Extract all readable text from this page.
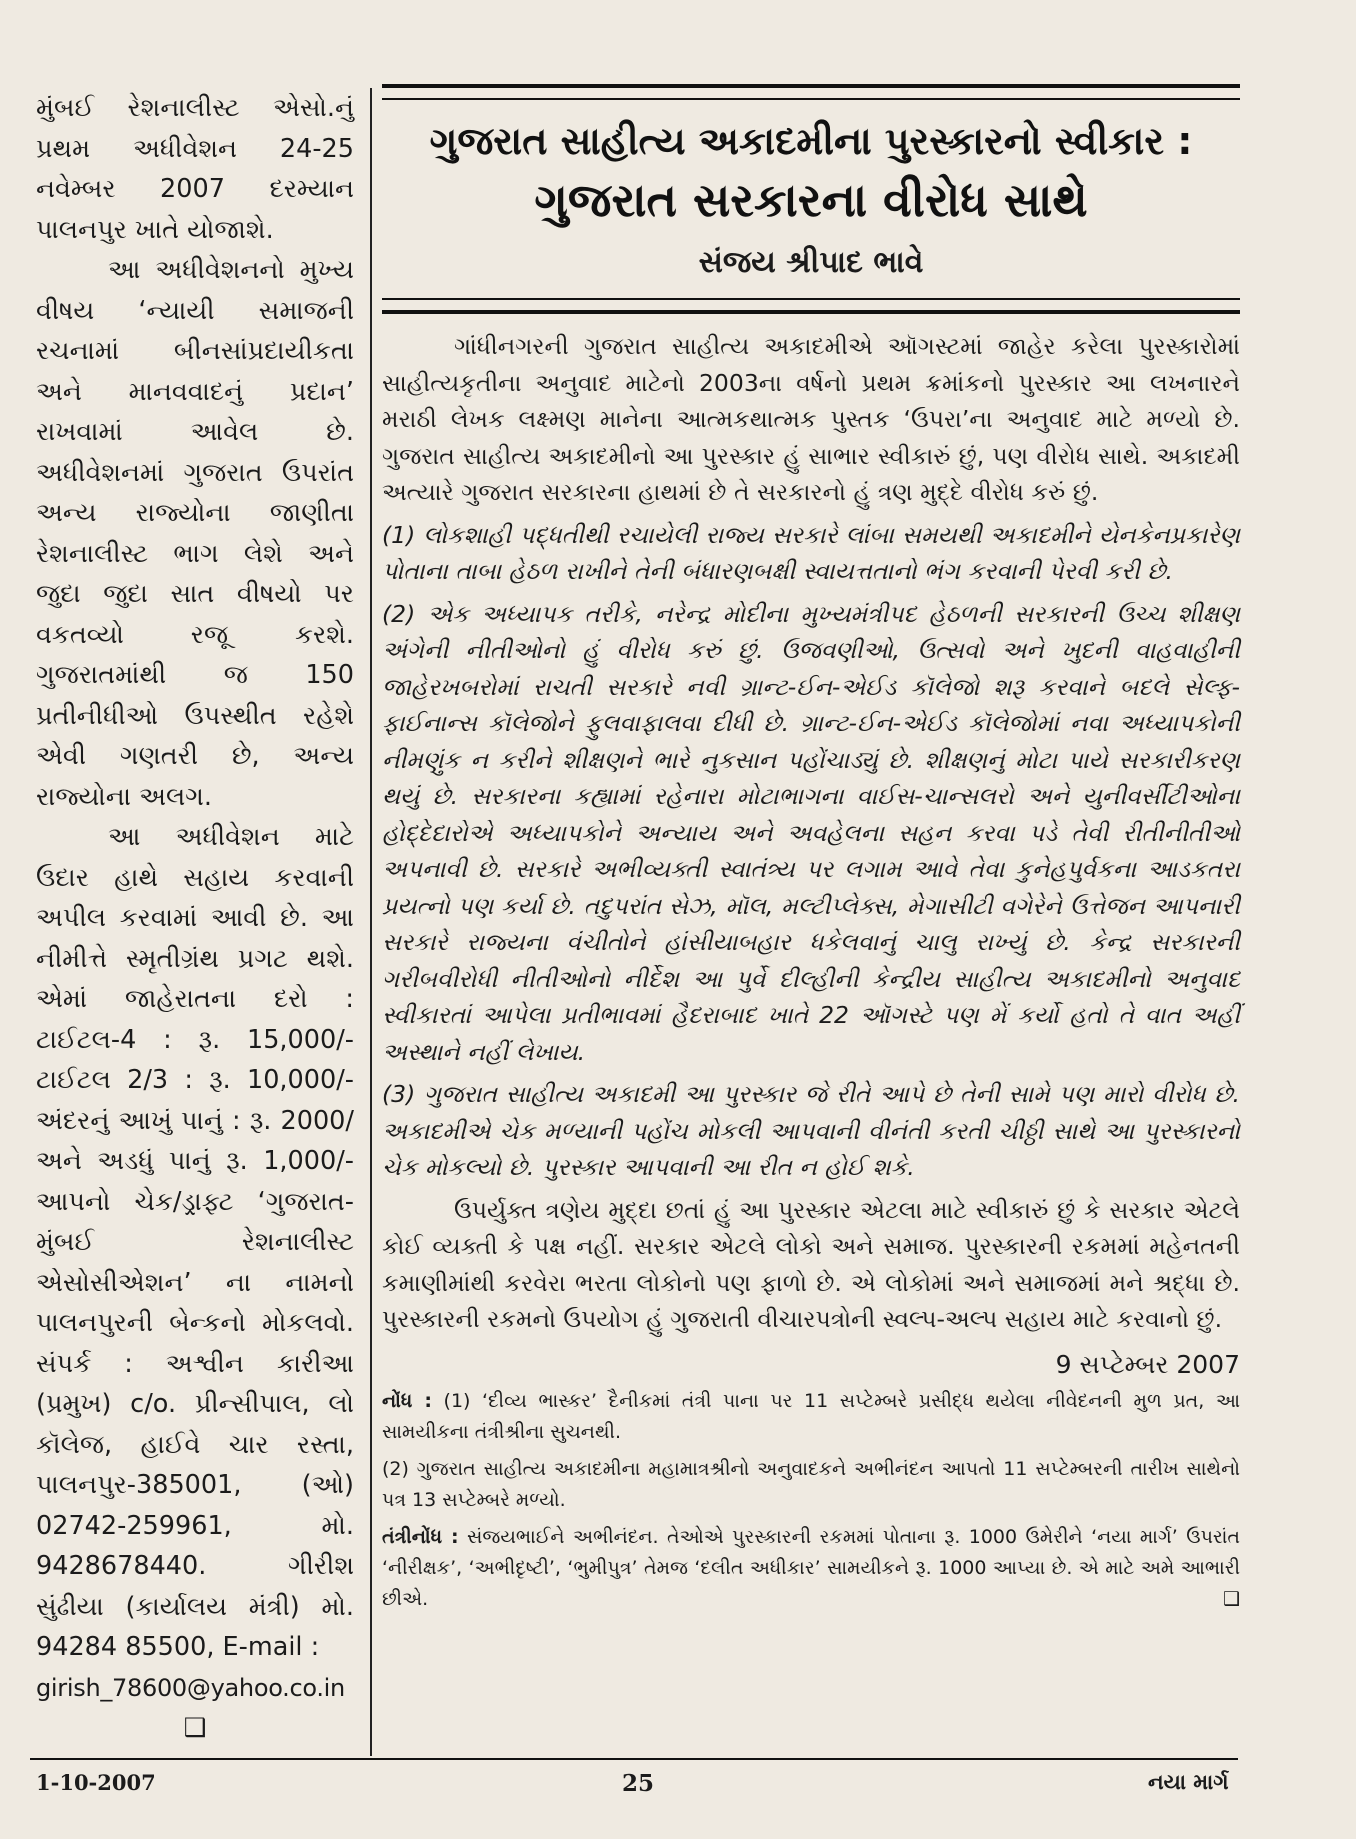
મુંબઈ રેશનાલીસ્ટ એસો.નું પ્રથમ અધીવેશન 24-25 નવેમ્બર 2007 દરમ્યાન પાલનપુર ખાતે યોજાશે.

આ અધીવેશનનો મુખ્ય વીષય ‘ન્યાયી સમાજની રચનામાં બીનસાંપ્રદાયીકતા અને માનવવાદનું પ્રદાન’ રાખવામાં આવેલ છે. અધીવેશનમાં ગુજરાત ઉપરાંત અન્ય રાજ્યોના જાણીતા રેશનાલીસ્ટ ભાગ લેશે અને જુદા જુદા સાત વીષયો પર વકતવ્યો રજૂ કરશે. ગુજરાતમાંથી જ 150 પ્રતીનીધીઓ ઉપસ્થીત રહેશે એવી ગણતરી છે, અન્ય રાજ્યોના અલગ.

આ અધીવેશન માટે ઉદાર હાથે સહાય કરવાની અપીલ કરવામાં આવી છે. આ નીમીત્તે સ્મૃતીગ્રંથ પ્રગટ થશે. એમાં જાહેરાતના દરો : ટાઈટલ-4 : રૂ. 15,000/- ટાઈટલ 2/3 : રૂ. 10,000/- અંદરનું આખું પાનું : રૂ. 2000/ અને અડધું પાનું રૂ. 1,000/- આપનો ચેક/ડ્રાફ્ટ ‘ગુજરાત-મુંબઈ રેશનાલીસ્ટ એસોસીએશન’ ના નામનો પાલનપુરની બેન્કનો મોકલવો. સંપર્ક : અશ્વીન કારીઆ (પ્રમુખ) c/o. પ્રીન્સીપાલ, લો કૉલેજ, હાઈવે ચાર રસ્તા, પાલનપુર-385001, (ઓ) 02742-259961, મો. 9428678440. ગીરીશ સુંઢીયા (કાર્યાલય મંત્રી) મો. 94284 85500, E-mail :

girish_78600@yahoo.co.in

❑

ગુજરાત સાહીત્ય અકાદમીના પુરસ્કારનો સ્વીકાર :
ગુજરાત સરકારના વીરોધ સાથે
સંજય શ્રીપાદ ભાવે

ગાંધીનગરની ગુજરાત સાહીત્ય અકાદમીએ ઑગસ્ટમાં જાહેર કરેલા પુરસ્કારોમાં સાહીત્યકૃતીના અનુવાદ માટેનો 2003ના વર્ષનો પ્રથમ ક્રમાંકનો પુરસ્કાર આ લખનારને મરાઠી લેખક લક્ષ્મણ માનેના આત્મકથાત્મક પુસ્તક ‘ઉપરા’ના અનુવાદ માટે મળ્યો છે. ગુજરાત સાહીત્ય અકાદમીનો આ પુરસ્કાર હું સાભાર સ્વીકારું છું, પણ વીરોધ સાથે. અકાદમી અત્યારે ગુજરાત સરકારના હાથમાં છે તે સરકારનો હું ત્રણ મુદ્દે વીરોધ કરું છું.

(1) લોકશાહી પદ્ધતીથી રચાયેલી રાજ્ય સરકારે લાંબા સમયથી અકાદમીને યેનકેનપ્રકારેણ પોતાના તાબા હેઠળ રાખીને તેની બંધારણબક્ષી સ્વાયત્તતાનો ભંગ કરવાની પેરવી કરી છે.

(2) એક અધ્યાપક તરીકે, નરેન્દ્ર મોદીના મુખ્યમંત્રીપદ હેઠળની સરકારની ઉચ્ચ શીક્ષણ અંગેની નીતીઓનો હું વીરોધ કરું છું. ઉજવણીઓ, ઉત્સવો અને ખુદની વાહવાહીની જાહેરખબરોમાં રાચતી સરકારે નવી ગ્રાન્ટ-ઈન-એઈડ કૉલેજો શરૂ કરવાને બદલે સેલ્ફ-ફાઈનાન્સ કૉલેજોને ફુલવાફાલવા દીધી છે. ગ્રાન્ટ-ઈન-એઈડ કૉલેજોમાં નવા અધ્યાપકોની નીમણુંક ન કરીને શીક્ષણને ભારે નુકસાન પહોંચાડ્યું છે. શીક્ષણનું મોટા પાયે સરકારીકરણ થયું છે. સરકારના કહ્યામાં રહેનારા મોટાભાગના વાઈસ-ચાન્સલરો અને યુનીવર્સીટીઓના હોદ્દેદારોએ અધ્યાપકોને અન્યાય અને અવહેલના સહન કરવા પડે તેવી રીતીનીતીઓ અપનાવી છે. સરકારે અભીવ્યક્તી સ્વાતંત્ર્ય પર લગામ આવે તેવા કુનેહપુર્વકના આડકતરા પ્રયત્નો પણ કર્યા છે. તદુપરાંત સેઝ, મૉલ, મલ્ટીપ્લેક્સ, મેગાસીટી વગેરેને ઉત્તેજન આપનારી સરકારે રાજ્યના વંચીતોને હાંસીયાબહાર ધકેલવાનું ચાલુ રાખ્યું છે. કેન્દ્ર સરકારની ગરીબવીરોધી નીતીઓનો નીર્દેશ આ પુર્વે દીલ્હીની કેન્દ્રીય સાહીત્ય અકાદમીનો અનુવાદ સ્વીકારતાં આપેલા પ્રતીભાવમાં હૈદરાબાદ ખાતે 22 ઑગસ્ટે પણ મેં કર્યો હતો તે વાત અહીં અસ્થાને નહીં લેખાય.

(3) ગુજરાત સાહીત્ય અકાદમી આ પુરસ્કાર જે રીતે આપે છે તેની સામે પણ મારો વીરોધ છે. અકાદમીએ ચેક મળ્યાની પહોંચ મોકલી આપવાની વીનંતી કરતી ચીઠ્ઠી સાથે આ પુરસ્કારનો ચેક મોકલ્યો છે. પુરસ્કાર આપવાની આ રીત ન હોઈ શકે.

ઉપર્યુક્ત ત્રણેય મુદ્દા છતાં હું આ પુરસ્કાર એટલા માટે સ્વીકારું છું કે સરકાર એટલે કોઈ વ્યક્તી કે પક્ષ નહીં. સરકાર એટલે લોકો અને સમાજ. પુરસ્કારની રકમમાં મહેનતની કમાણીમાંથી કરવેરા ભરતા લોકોનો પણ ફાળો છે. એ લોકોમાં અને સમાજમાં મને શ્રદ્ધા છે. પુરસ્કારની રકમનો ઉપયોગ હું ગુજરાતી વીચારપત્રોની સ્વલ્પ-અલ્પ સહાય માટે કરવાનો છું.

9 સપ્ટેમ્બર 2007

નોંધ : (1) ‘દીવ્ય ભાસ્કર’ દૈનીકમાં તંત્રી પાના પર 11 સપ્ટેમ્બરે પ્રસીદ્ધ થયેલા નીવેદનની મુળ પ્રત, આ સામયીકના તંત્રીશ્રીના સુચનથી.

(2) ગુજરાત સાહીત્ય અકાદમીના મહામાત્રશ્રીનો અનુવાદકને અભીનંદન આપતો 11 સપ્ટેમ્બરની તારીખ સાથેનો પત્ર 13 સપ્ટેમ્બરે મળ્યો.

તંત્રીનોંધ : સંજયભાઈને અભીનંદન. તેઓએ પુરસ્કારની રકમમાં પોતાના રૂ. 1000 ઉમેરીને ‘નયા માર્ગ’ ઉપરાંત ‘નીરીક્ષક’, ‘અભીદૃષ્ટી’, ‘ભુમીપુત્ર’ તેમજ ‘દલીત અધીકાર’ સામયીકને રૂ. 1000 આપ્યા છે. એ માટે અમે આભારી છીએ.	❑

1-10-2007	25	નયા માર્ગ
